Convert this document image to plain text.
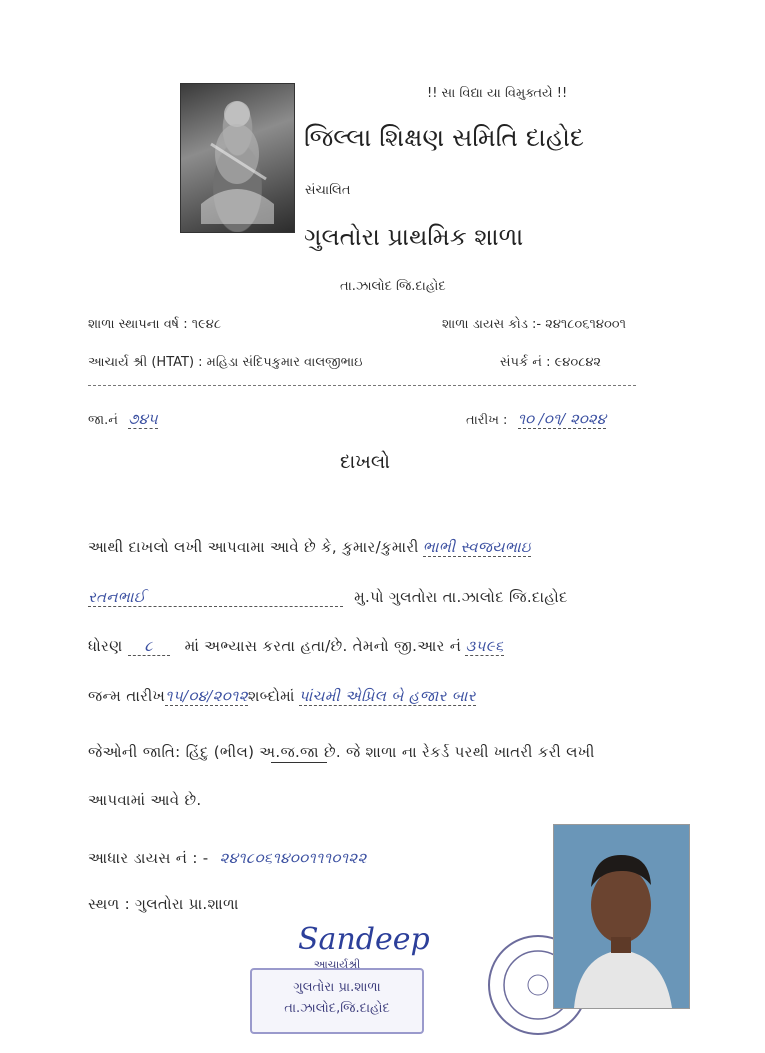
!! સા વિદ્યા યા વિમુક્તયે !!
જિલ્લા શિક્ષણ સમિતિ દાહોદ
સંચાલિત
ગુલતોરા પ્રાથમિક શાળા
તા.ઝાલોદ જિ.દાહોદ
શાળા સ્થાપના વર્ષ : ૧૯૪૮	શાળા ડાયસ કોડ :- ૨૪૧૮૦૬૧૪૦૦૧
આચાર્ય શ્રી (HTAT) : મહિડા સંદિપકુમાર વાલજીભાઇ	સંપર્ક નં : ૯૪૦૮૪૨
જા.નં ૭૪૫	તારીખ : ૧૦ /૦૧/ ૨૦૨૪
દાખલો
આથી દાખલો લખી આપવામા આવે છે કે, કુમાર/કુમારી ભાભી સ્વજયભાઇ
રતનભાઈ	મુ.પો ગુલતોરા તા.ઝાલોદ જિ.દાહોદ
ધોરણ ૮ માં અભ્યાસ કરતા હતા/છે. તેમનો જી.આર નં ૩૫૯૬
જન્મ તારીખ૧૫/૦૪/૨૦૧૨શબ્દોમાં પાંચમી એપ્રિલ બે હજાર બાર
જેઓની જાતિ: હિંદુ (ભીલ) અ.જ.જા છે. જે શાળા ના રેકર્ડ પરથી ખાતરી કરી લખી
આપવામાં આવે છે.
આધાર ડાયસ નં : - ૨૪૧૮૦૬૧૪૦૦૧૧૧૦૧૨૨
સ્થળ : ગુલતોરા પ્રા.શાળા
Sandeep
આચાર્યશ્રી
ગુલતોરા પ્રા.શાળા
તા.ઝાલોદ,જિ.દાહોદ
